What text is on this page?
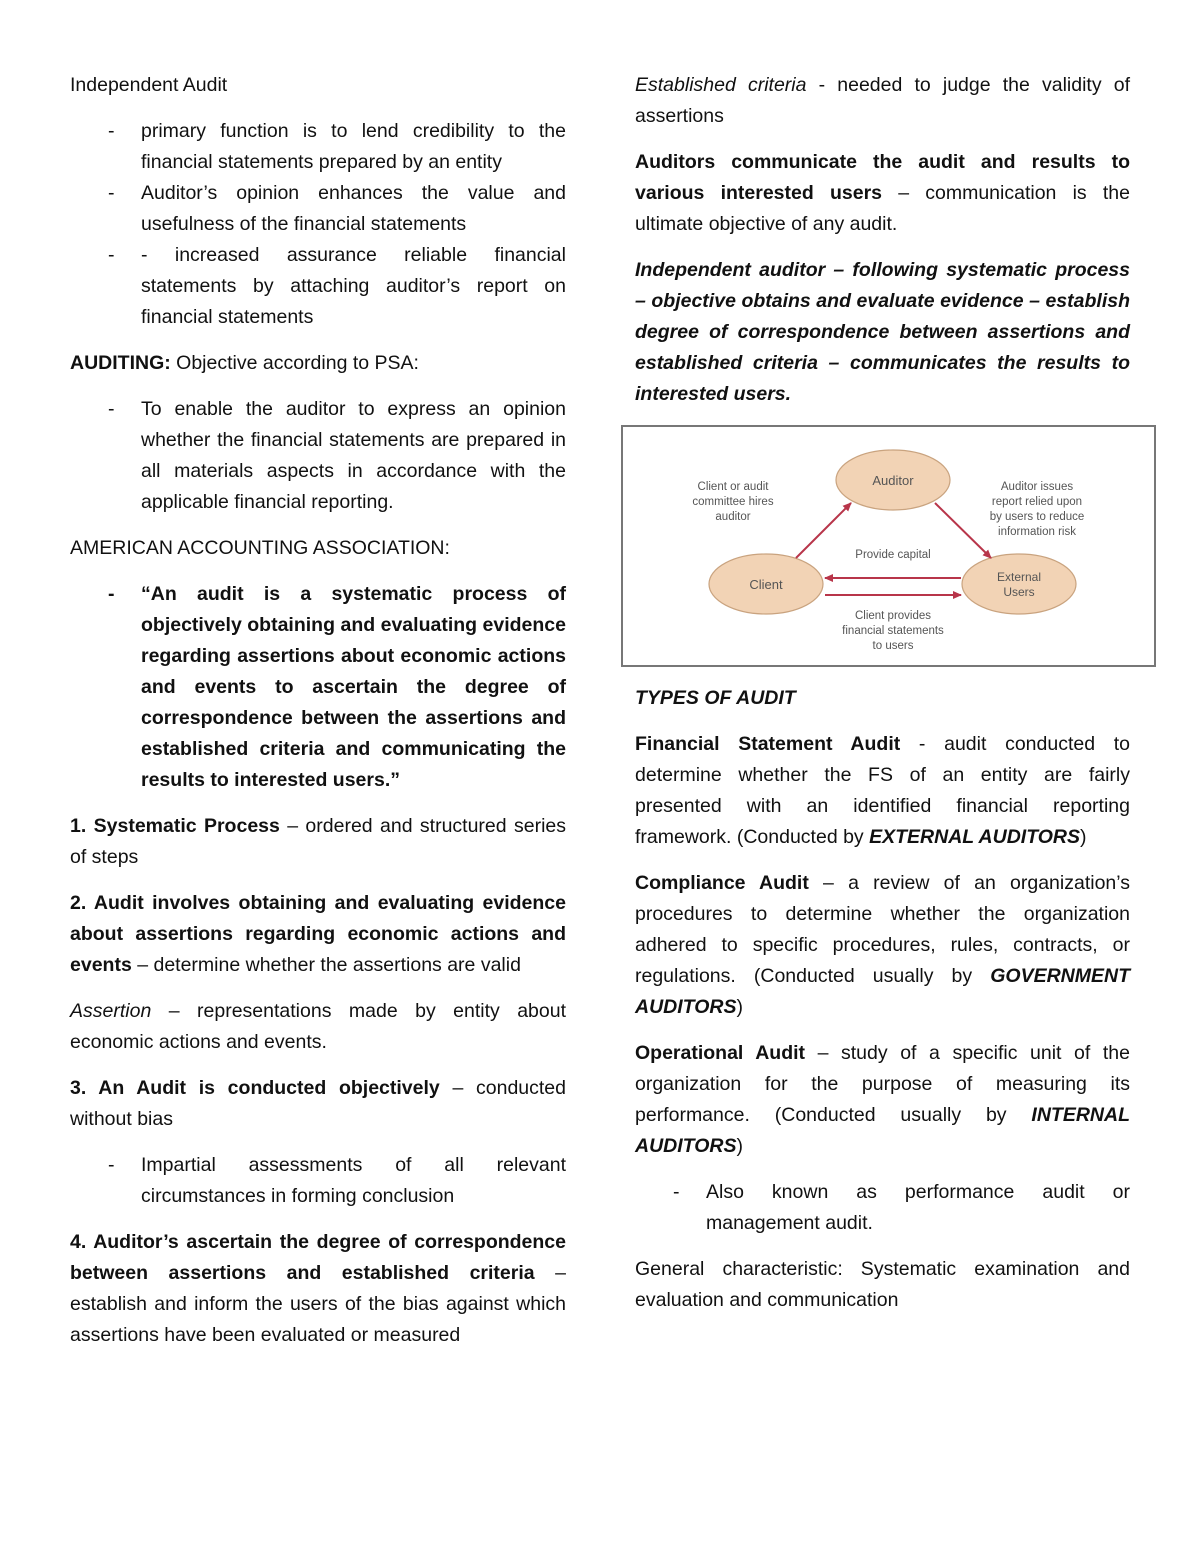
Independent Audit

- primary function is to lend credibility to the financial statements prepared by an entity
- Auditor’s opinion enhances the value and usefulness of the financial statements
- - increased assurance reliable financial statements by attaching auditor’s report on financial statements

AUDITING: Objective according to PSA:

- To enable the auditor to express an opinion whether the financial statements are prepared in all materials aspects in accordance with the applicable financial reporting.

AMERICAN ACCOUNTING ASSOCIATION:

- “An audit is a systematic process of objectively obtaining and evaluating evidence regarding assertions about economic actions and events to ascertain the degree of correspondence between the assertions and established criteria and communicating the results to interested users.”

1. Systematic Process – ordered and structured series of steps

2. Audit involves obtaining and evaluating evidence about assertions regarding economic actions and events – determine whether the assertions are valid

Assertion – representations made by entity about economic actions and events.

3. An Audit is conducted objectively – conducted without bias

- Impartial assessments of all relevant circumstances in forming conclusion

4. Auditor’s ascertain the degree of correspondence between assertions and established criteria – establish and inform the users of the bias against which assertions have been evaluated or measured

Established criteria - needed to judge the validity of assertions

Auditors communicate the audit and results to various interested users – communication is the ultimate objective of any audit.

Independent auditor – following systematic process – objective obtains and evaluate evidence – establish degree of correspondence between assertions and established criteria – communicates the results to interested users.

Auditor
Client	External
Users
Client or audit
committee hires
auditor
Auditor issues
report relied upon
by users to reduce
information risk
Provide capital
Client provides
financial statements
to users

TYPES OF AUDIT

Financial Statement Audit - audit conducted to determine whether the FS of an entity are fairly presented with an identified financial reporting framework. (Conducted by EXTERNAL AUDITORS)

Compliance Audit – a review of an organization’s procedures to determine whether the organization adhered to specific procedures, rules, contracts, or regulations. (Conducted usually by GOVERNMENT AUDITORS)

Operational Audit – study of a specific unit of the organization for the purpose of measuring its performance. (Conducted usually by INTERNAL AUDITORS)

- Also known as performance audit or management audit.

General characteristic: Systematic examination and evaluation and communication
